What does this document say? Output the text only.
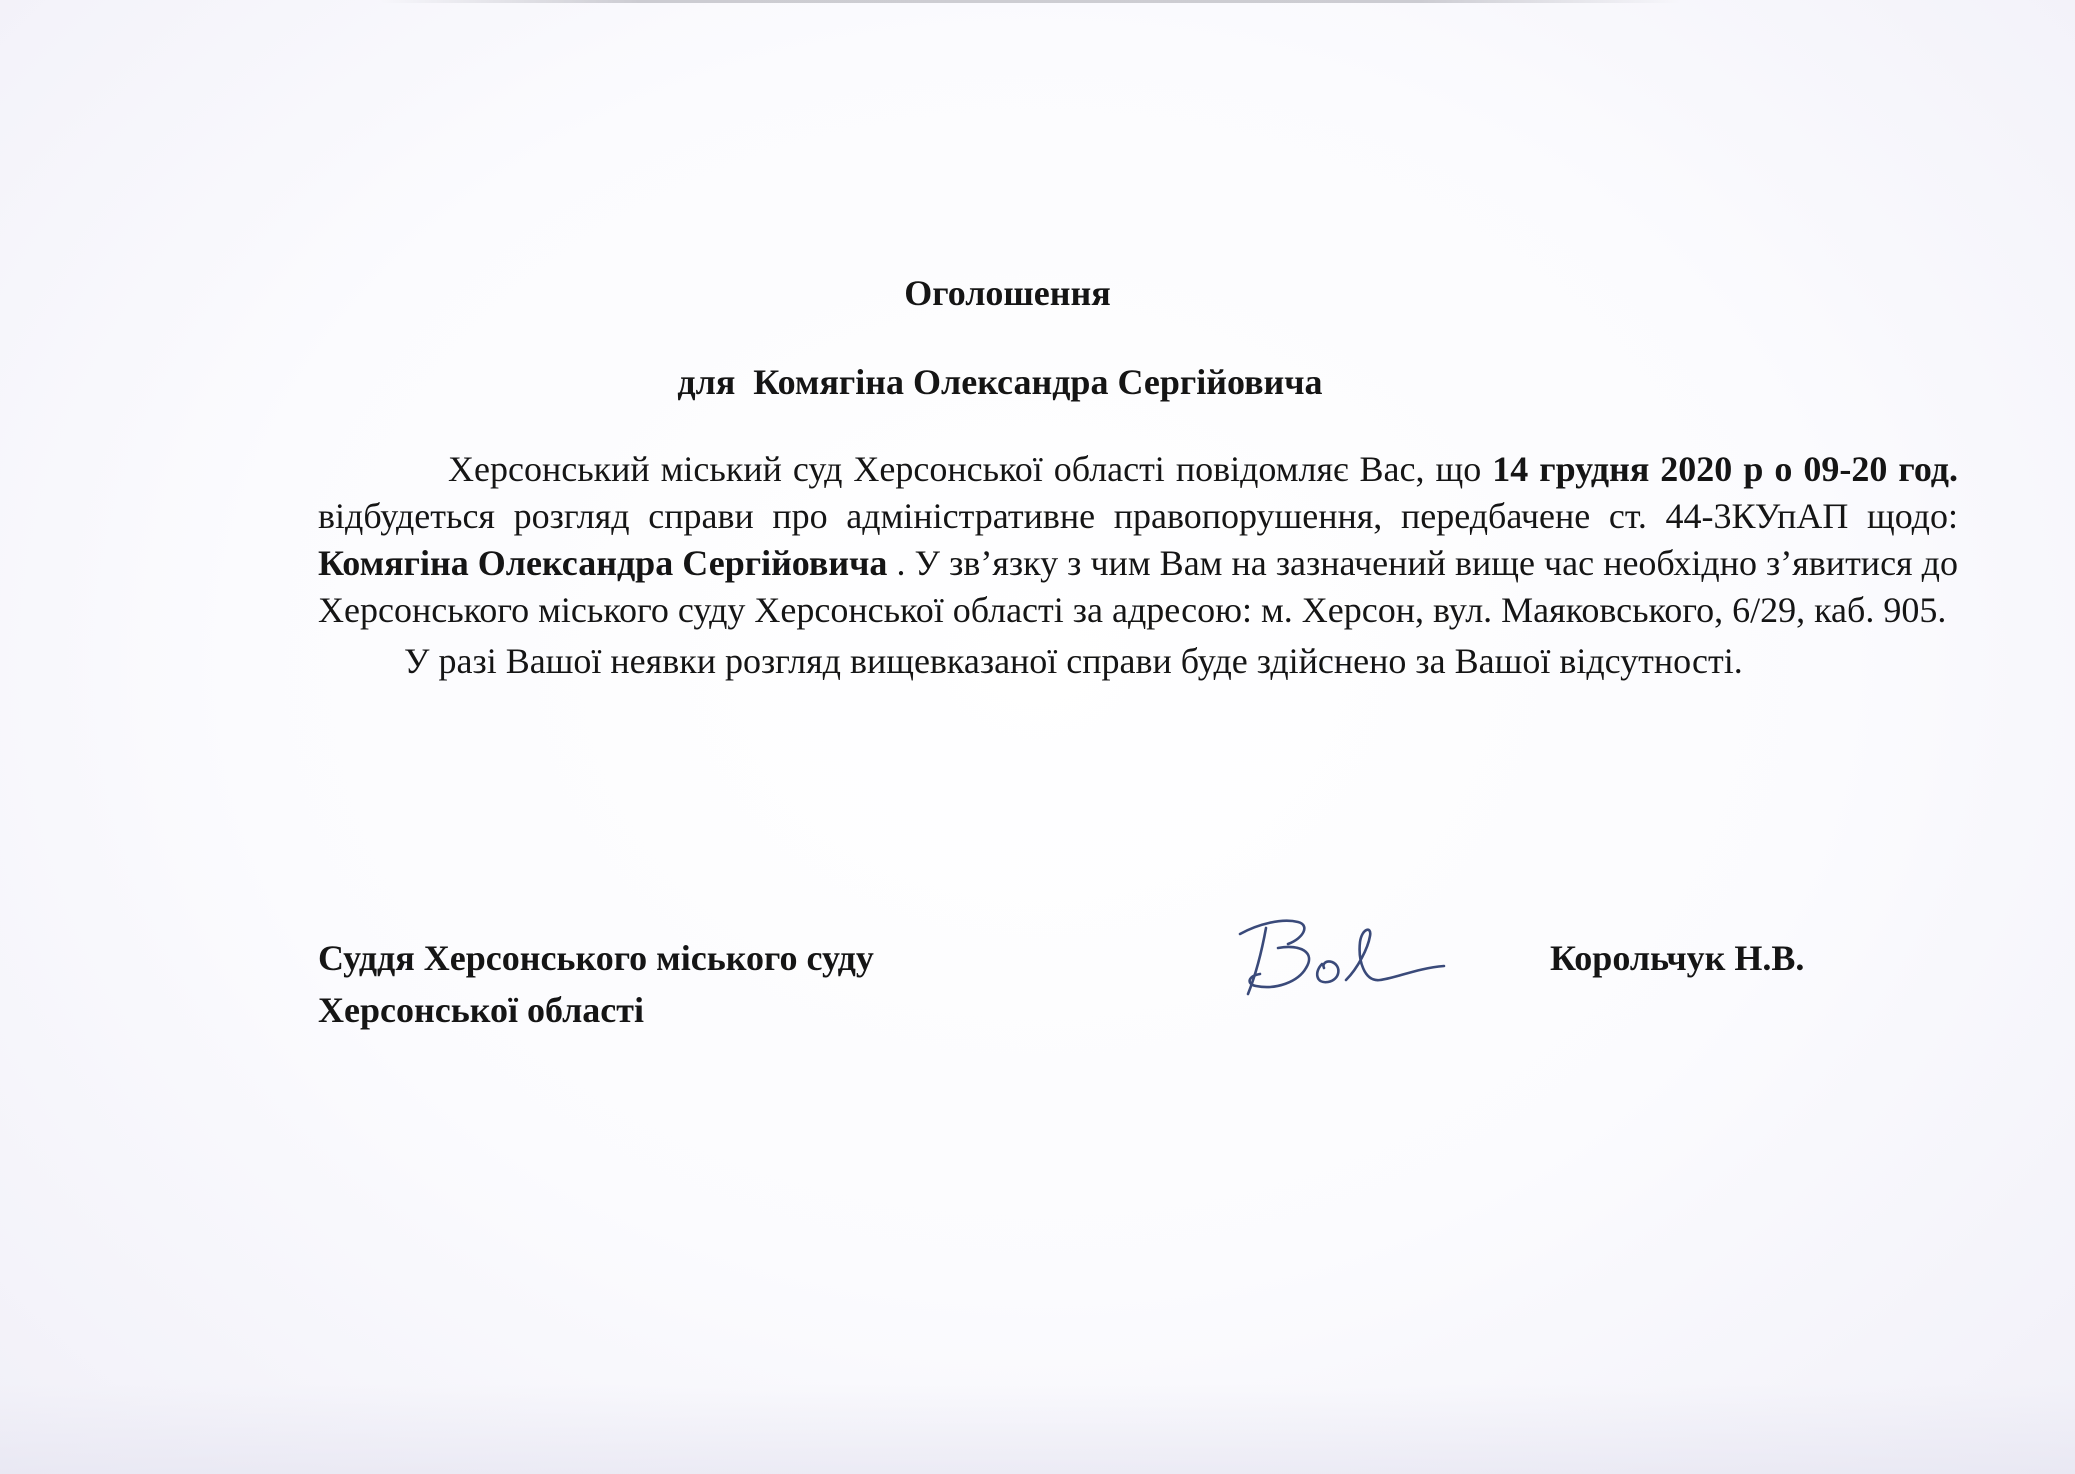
Оголошення
для  Комягіна Олександра Сергійовича

Херсонський міський суд Херсонської області повідомляє Вас, що 14 грудня 2020 р о 09-20 год. відбудеться розгляд справи про адміністративне правопорушення, передбачене ст. 44-3КУпАП щодо: Комягіна Олександра Сергійовича . У зв’язку з чим Вам на зазначений вище час необхідно з’явитися до Херсонського міського суду Херсонської області за адресою: м. Херсон, вул. Маяковського, 6/29, каб. 905.

У разі Вашої неявки розгляд вищевказаної справи буде здійснено за Вашої відсутності.

Суддя Херсонського міського суду
Херсонської області
Корольчук Н.В.
